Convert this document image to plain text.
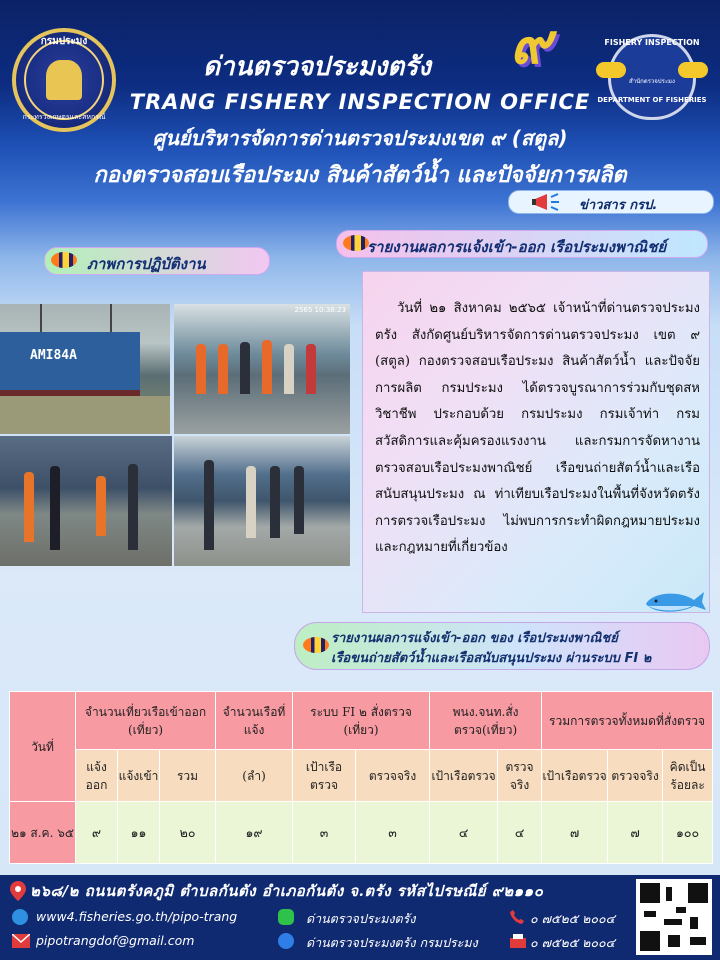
กรมประมง
กระทรวงเกษตรและสหกรณ์
ด่านตรวจประมงตรัง	๙	FISHERY INSPECTION
สำนักตรวจประมง
DEPARTMENT OF FISHERIES
TRANG FISHERY INSPECTION OFFICE
ศูนย์บริหารจัดการด่านตรวจประมงเขต ๙ (สตูล)
กองตรวจสอบเรือประมง สินค้าสัตว์น้ำ และปัจจัยการผลิต
ข่าวสาร กรป.
ภาพการปฏิบัติงาน
รายงานผลการแจ้งเข้า-ออก เรือประมงพาณิชย์
AMI84A
2565 10:38:23	วันที่ ๒๑ สิงหาคม ๒๕๖๕ เจ้าหน้าที่ด่านตรวจประมงตรัง สังกัดศูนย์บริหารจัดการด่านตรวจประมง เขต ๙ (สตูล) กองตรวจสอบเรือประมง สินค้าสัตว์น้ำ และปัจจัยการผลิต กรมประมง ได้ตรวจบูรณาการร่วมกับชุดสหวิชาชีพ ประกอบด้วย กรมประมง กรมเจ้าท่า กรมสวัสดิการและคุ้มครองแรงงาน และกรมการจัดหางาน ตรวจสอบเรือประมงพาณิชย์ เรือขนถ่ายสัตว์น้ำและเรือสนับสนุนประมง ณ ท่าเทียบเรือประมงในพื้นที่จังหวัดตรัง การตรวจเรือประมง ไม่พบการกระทำผิดกฎหมายประมงและกฎหมายที่เกี่ยวข้อง

รายงานผลการแจ้งเข้า-ออก ของ เรือประมงพาณิชย์
เรือขนถ่ายสัตว์น้ำและเรือสนับสนุนประมง ผ่านระบบ FI ๒
วันที่	จำนวนเที่ยวเรือเข้าออก (เที่ยว)			จำนวนเรือที่แจ้ง	ระบบ FI ๒ สั่งตรวจ (เที่ยว)		พนง.จนท.สั่งตรวจ(เที่ยว)		รวมการตรวจทั้งหมดที่สั่งตรวจ		
	แจ้งออก	แจ้งเข้า	รวม	(ลำ)	เป้าเรือตรวจ	ตรวจจริง	เป้าเรือตรวจ	ตรวจจริง	เป้าเรือตรวจ	ตรวจจริง	คิดเป็นร้อยละ
๒๑ ส.ค. ๖๕	๙	๑๑	๒๐	๑๙	๓	๓	๔	๔	๗	๗	๑๐๐
๒๖๘/๒ ถนนตรังคภูมิ ตำบลกันตัง อำเภอกันตัง จ.ตรัง รหัสไปรษณีย์ ๙๒๑๑๐
www4.fisheries.go.th/pipo-trang	ด่านตรวจประมงตรัง	๐ ๗๕๒๕ ๒๐๐๔
pipotrangdof@gmail.com	ด่านตรวจประมงตรัง กรมประมง	๐ ๗๕๒๕ ๒๐๐๔
